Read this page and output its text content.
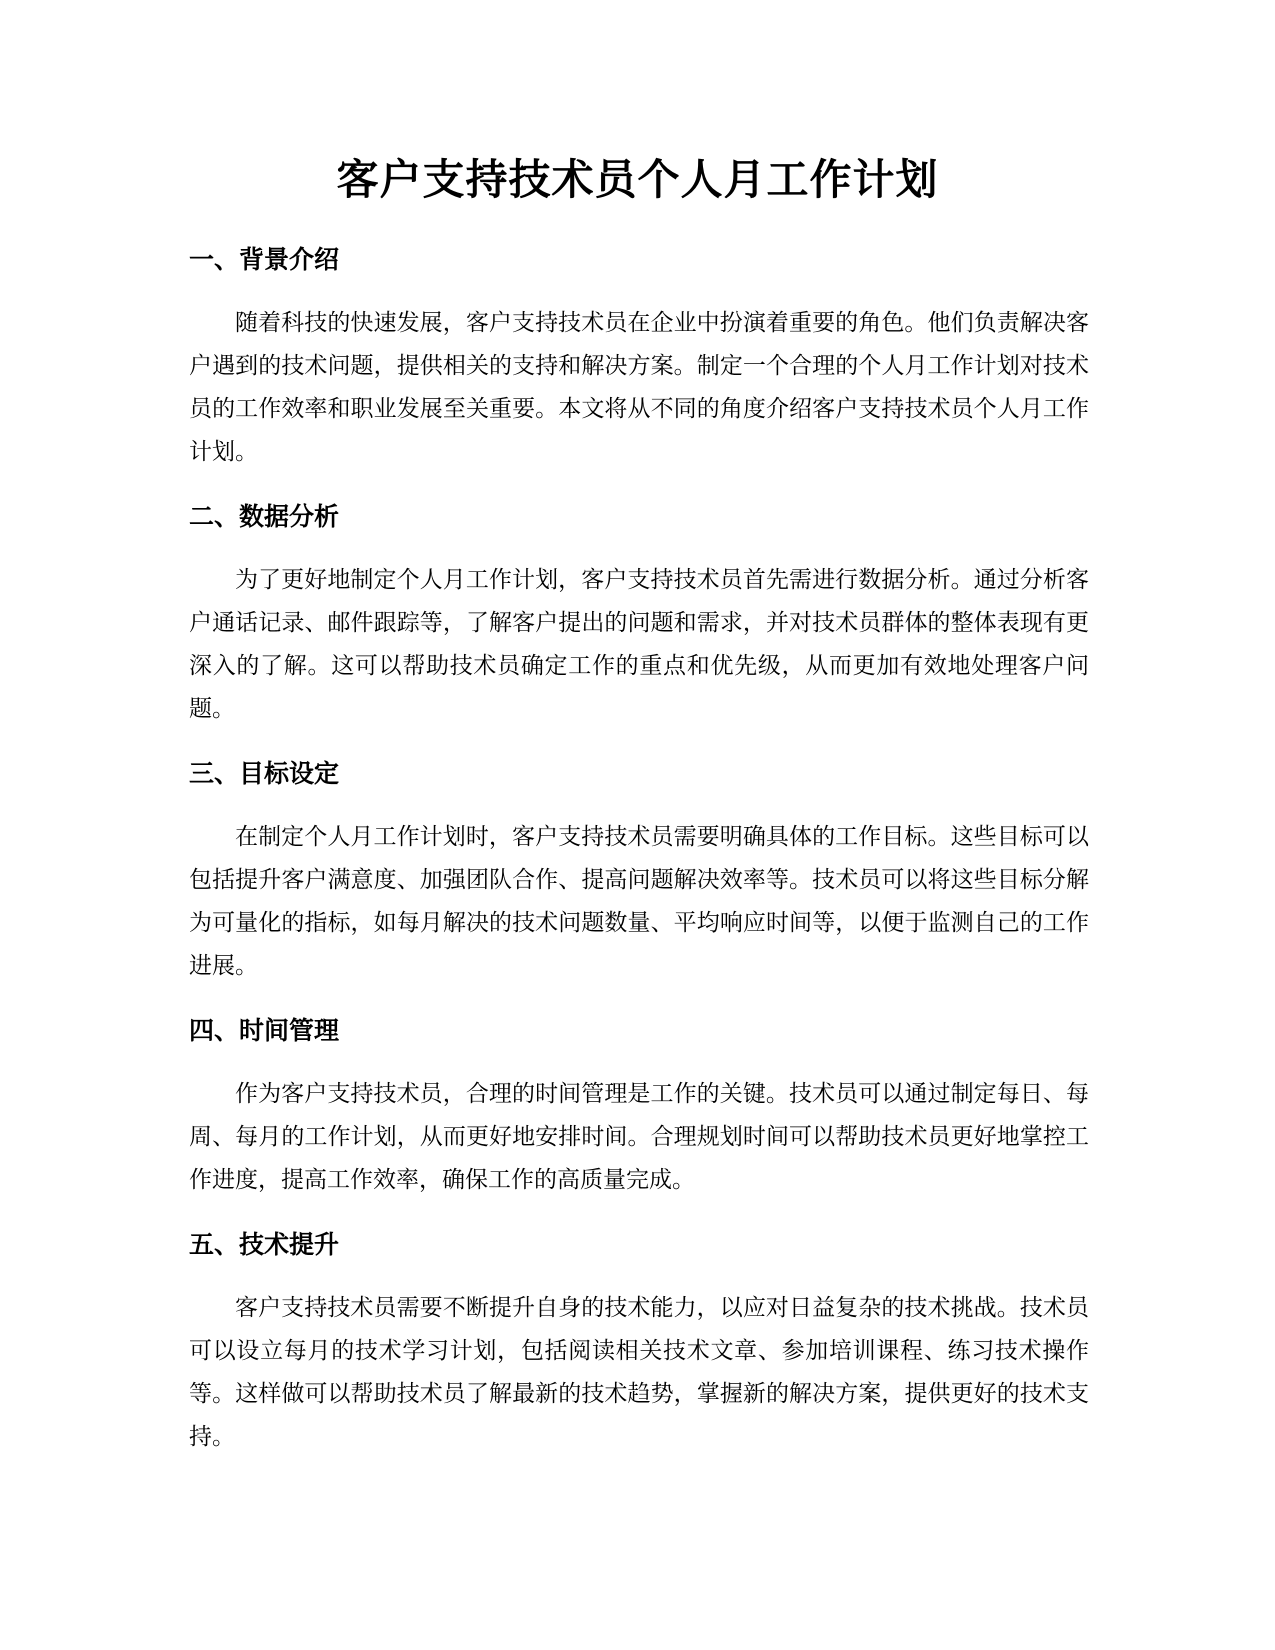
客户支持技术员个人月工作计划
一、背景介绍

随着科技的快速发展，客户支持技术员在企业中扮演着重要的角色。他们负责解决客户遇到的技术问题，提供相关的支持和解决方案。制定一个合理的个人月工作计划对技术员的工作效率和职业发展至关重要。本文将从不同的角度介绍客户支持技术员个人月工作计划。

二、数据分析

为了更好地制定个人月工作计划，客户支持技术员首先需进行数据分析。通过分析客户通话记录、邮件跟踪等，了解客户提出的问题和需求，并对技术员群体的整体表现有更深入的了解。这可以帮助技术员确定工作的重点和优先级，从而更加有效地处理客户问题。

三、目标设定

在制定个人月工作计划时，客户支持技术员需要明确具体的工作目标。这些目标可以包括提升客户满意度、加强团队合作、提高问题解决效率等。技术员可以将这些目标分解为可量化的指标，如每月解决的技术问题数量、平均响应时间等，以便于监测自己的工作进展。

四、时间管理

作为客户支持技术员，合理的时间管理是工作的关键。技术员可以通过制定每日、每周、每月的工作计划，从而更好地安排时间。合理规划时间可以帮助技术员更好地掌控工作进度，提高工作效率，确保工作的高质量完成。

五、技术提升

客户支持技术员需要不断提升自身的技术能力，以应对日益复杂的技术挑战。技术员可以设立每月的技术学习计划，包括阅读相关技术文章、参加培训课程、练习技术操作等。这样做可以帮助技术员了解最新的技术趋势，掌握新的解决方案，提供更好的技术支持。
